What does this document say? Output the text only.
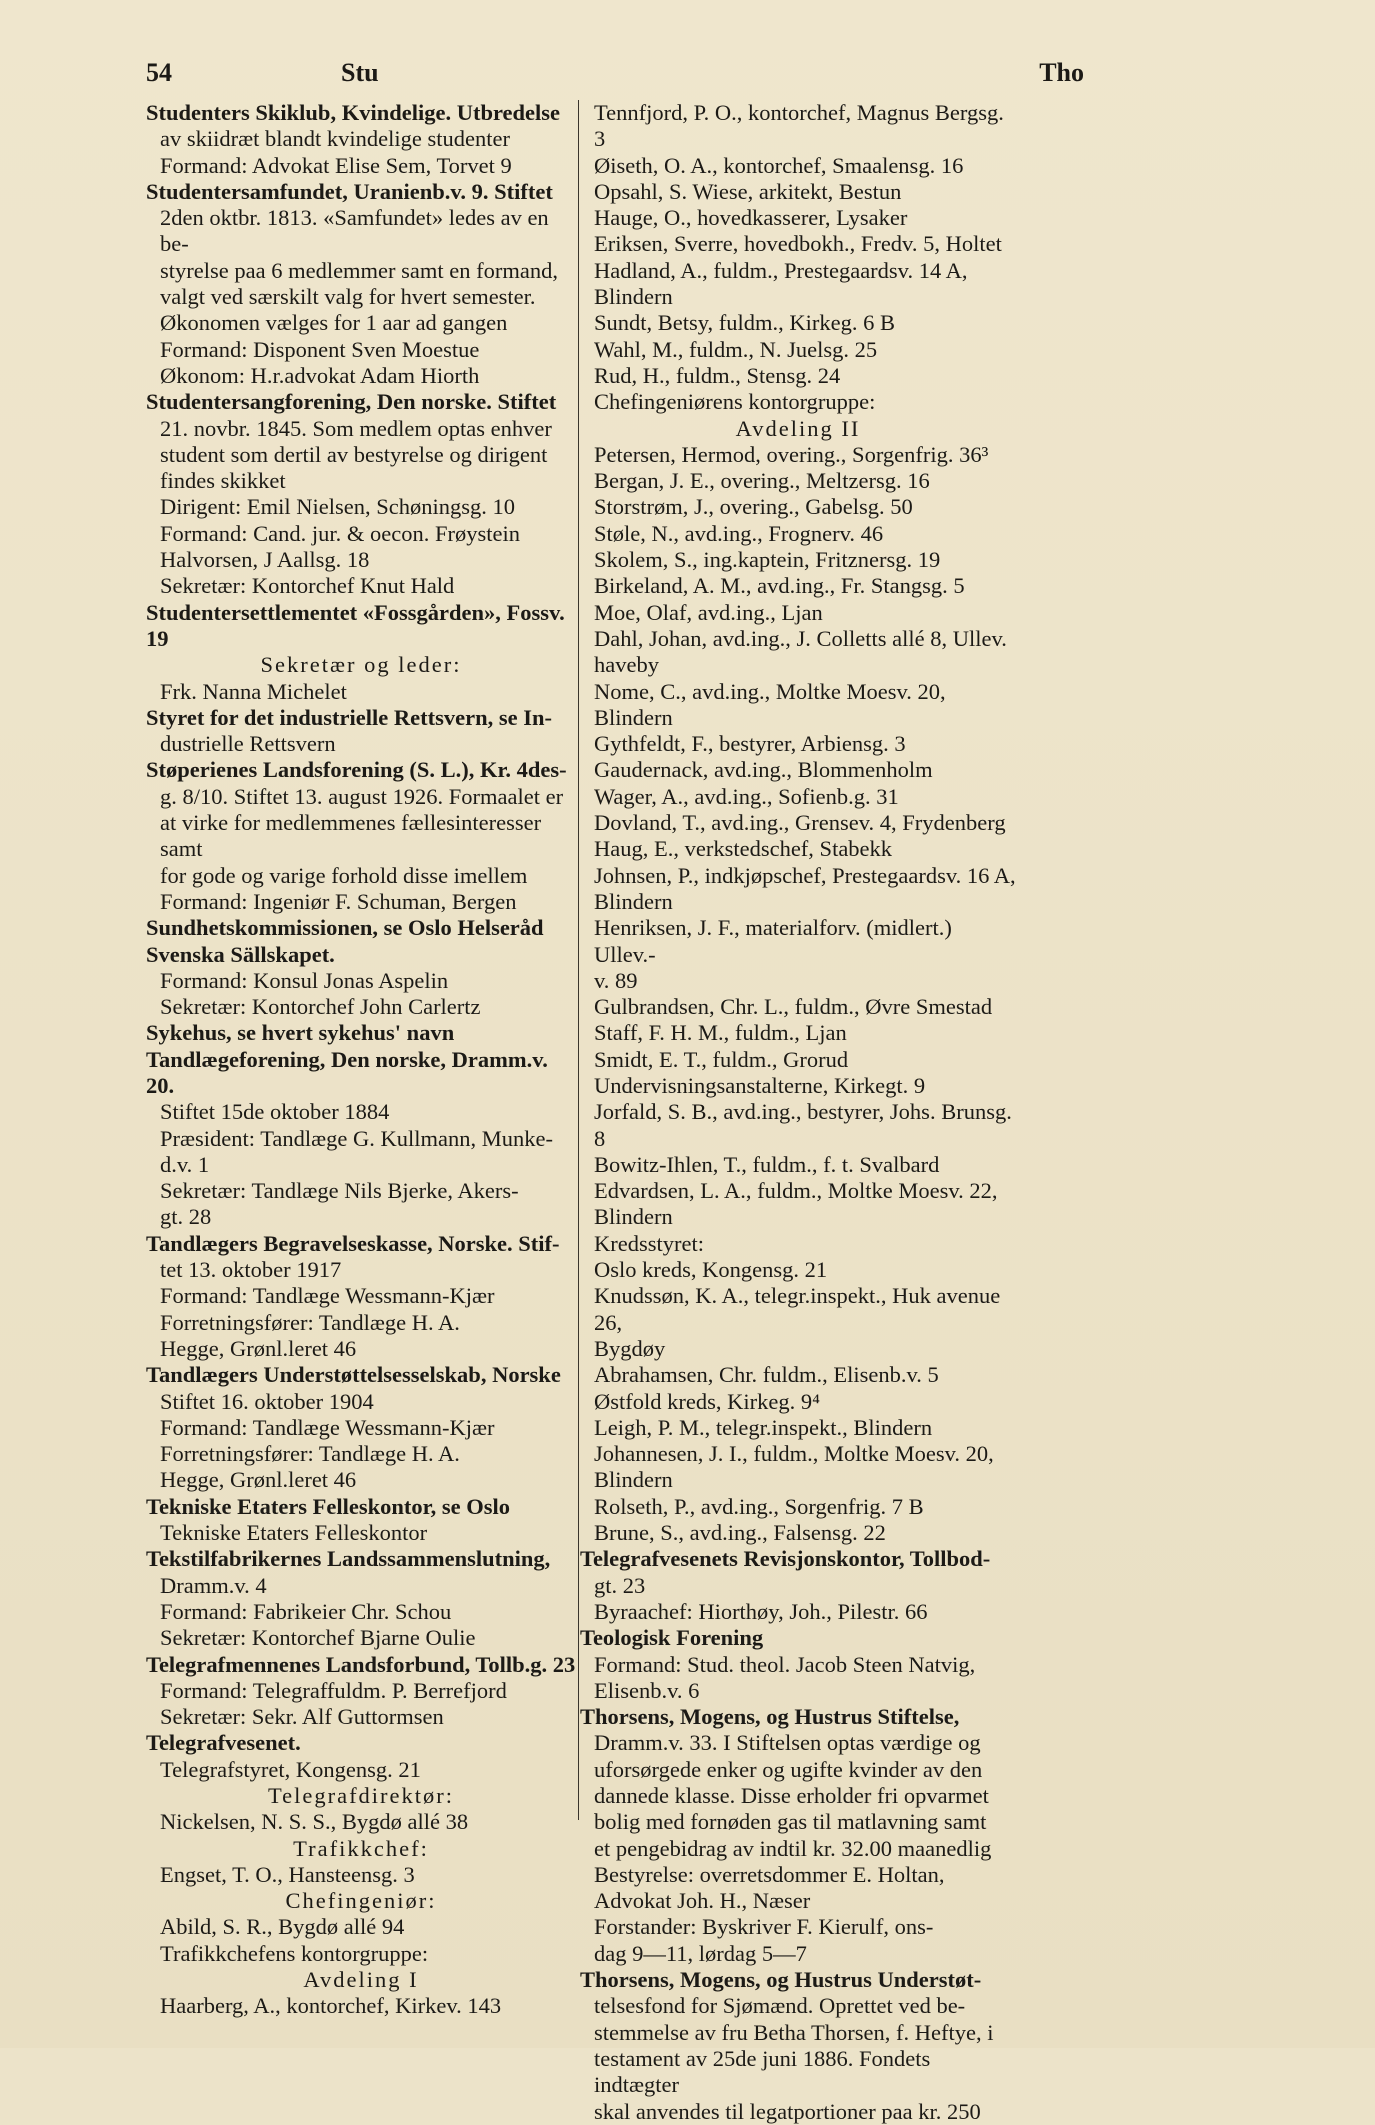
54	Stu	Tho

Studenters Skiklub, Kvindelige. Utbredelse

av skiidræt blandt kvindelige studenter

Formand: Advokat Elise Sem, Torvet 9

Studentersamfundet, Uranienb.v. 9. Stiftet

2den oktbr. 1813. «Samfundet» ledes av en be-

styrelse paa 6 medlemmer samt en formand,

valgt ved særskilt valg for hvert semester.

Økonomen vælges for 1 aar ad gangen

Formand: Disponent Sven Moestue

Økonom: H.r.advokat Adam Hiorth

Studentersangforening, Den norske. Stiftet

21. novbr. 1845. Som medlem optas enhver

student som dertil av bestyrelse og dirigent

findes skikket

Dirigent: Emil Nielsen, Schøningsg. 10

Formand: Cand. jur. & oecon. Frøystein

Halvorsen, J Aallsg. 18

Sekretær: Kontorchef Knut Hald

Studentersettlementet «Fossgården», Fossv. 19

Sekretær og leder:

Frk. Nanna Michelet

Styret for det industrielle Rettsvern, se In-

dustrielle Rettsvern

Støperienes Landsforening (S. L.), Kr. 4des-

g. 8/10. Stiftet 13. august 1926. Formaalet er

at virke for medlemmenes fællesinteresser samt

for gode og varige forhold disse imellem

Formand: Ingeniør F. Schuman, Bergen

Sundhetskommissionen, se Oslo Helseråd

Svenska Sällskapet.

Formand: Konsul Jonas Aspelin

Sekretær: Kontorchef John Carlertz

Sykehus, se hvert sykehus' navn

Tandlægeforening, Den norske, Dramm.v. 20.

Stiftet 15de oktober 1884

Præsident: Tandlæge G. Kullmann, Munke-

d.v. 1

Sekretær: Tandlæge Nils Bjerke, Akers-

gt. 28

Tandlægers Begravelseskasse, Norske. Stif-

tet 13. oktober 1917

Formand: Tandlæge Wessmann-Kjær

Forretningsfører: Tandlæge H. A.

Hegge, Grønl.leret 46

Tandlægers Understøttelsesselskab, Norske

Stiftet 16. oktober 1904

Formand: Tandlæge Wessmann-Kjær

Forretningsfører: Tandlæge H. A.

Hegge, Grønl.leret 46

Tekniske Etaters Felleskontor, se Oslo

Tekniske Etaters Felleskontor

Tekstilfabrikernes Landssammenslutning,

Dramm.v. 4

Formand: Fabrikeier Chr. Schou

Sekretær: Kontorchef Bjarne Oulie

Telegrafmennenes Landsforbund, Tollb.g. 23

Formand: Telegraffuldm. P. Berrefjord

Sekretær: Sekr. Alf Guttormsen

Telegrafvesenet.

Telegrafstyret, Kongensg. 21

Telegrafdirektør:

Nickelsen, N. S. S., Bygdø allé 38

Trafikkchef:

Engset, T. O., Hansteensg. 3

Chefingeniør:

Abild, S. R., Bygdø allé 94

Trafikkchefens kontorgruppe:

Avdeling I

Haarberg, A., kontorchef, Kirkev. 143

Tennfjord, P. O., kontorchef, Magnus Bergsg. 3

Øiseth, O. A., kontorchef, Smaalensg. 16

Opsahl, S. Wiese, arkitekt, Bestun

Hauge, O., hovedkasserer, Lysaker

Eriksen, Sverre, hovedbokh., Fredv. 5, Holtet

Hadland, A., fuldm., Prestegaardsv. 14 A,

Blindern

Sundt, Betsy, fuldm., Kirkeg. 6 B

Wahl, M., fuldm., N. Juelsg. 25

Rud, H., fuldm., Stensg. 24

Chefingeniørens kontorgruppe:

Avdeling II

Petersen, Hermod, overing., Sorgenfrig. 36³

Bergan, J. E., overing., Meltzersg. 16

Storstrøm, J., overing., Gabelsg. 50

Støle, N., avd.ing., Frognerv. 46

Skolem, S., ing.kaptein, Fritznersg. 19

Birkeland, A. M., avd.ing., Fr. Stangsg. 5

Moe, Olaf, avd.ing., Ljan

Dahl, Johan, avd.ing., J. Colletts allé 8, Ullev.

haveby

Nome, C., avd.ing., Moltke Moesv. 20, Blindern

Gythfeldt, F., bestyrer, Arbiensg. 3

Gaudernack, avd.ing., Blommenholm

Wager, A., avd.ing., Sofienb.g. 31

Dovland, T., avd.ing., Grensev. 4, Frydenberg

Haug, E., verkstedschef, Stabekk

Johnsen, P., indkjøpschef, Prestegaardsv. 16 A,

Blindern

Henriksen, J. F., materialforv. (midlert.) Ullev.-

v. 89

Gulbrandsen, Chr. L., fuldm., Øvre Smestad

Staff, F. H. M., fuldm., Ljan

Smidt, E. T., fuldm., Grorud

Undervisningsanstalterne, Kirkegt. 9

Jorfald, S. B., avd.ing., bestyrer, Johs. Brunsg. 8

Bowitz-Ihlen, T., fuldm., f. t. Svalbard

Edvardsen, L. A., fuldm., Moltke Moesv. 22,

Blindern

Kredsstyret:

Oslo kreds, Kongensg. 21

Knudssøn, K. A., telegr.inspekt., Huk avenue 26,

Bygdøy

Abrahamsen, Chr. fuldm., Elisenb.v. 5

Østfold kreds, Kirkeg. 9⁴

Leigh, P. M., telegr.inspekt., Blindern

Johannesen, J. I., fuldm., Moltke Moesv. 20,

Blindern

Rolseth, P., avd.ing., Sorgenfrig. 7 B

Brune, S., avd.ing., Falsensg. 22

Telegrafvesenets Revisjonskontor, Tollbod-

gt. 23

Byraachef: Hiorthøy, Joh., Pilestr. 66

Teologisk Forening

Formand: Stud. theol. Jacob Steen Natvig,

Elisenb.v. 6

Thorsens, Mogens, og Hustrus Stiftelse,

Dramm.v. 33. I Stiftelsen optas værdige og

uforsørgede enker og ugifte kvinder av den

dannede klasse. Disse erholder fri opvarmet

bolig med fornøden gas til matlavning samt

et pengebidrag av indtil kr. 32.00 maanedlig

Bestyrelse: overretsdommer E. Holtan,

Advokat Joh. H., Næser

Forstander: Byskriver F. Kierulf, ons-

dag 9—11, lørdag 5—7

Thorsens, Mogens, og Hustrus Understøt-

telsesfond for Sjømænd. Oprettet ved be-

stemmelse av fru Betha Thorsen, f. Heftye, i

testament av 25de juni 1886. Fondets indtægter

skal anvendes til legatportioner paa kr. 250
